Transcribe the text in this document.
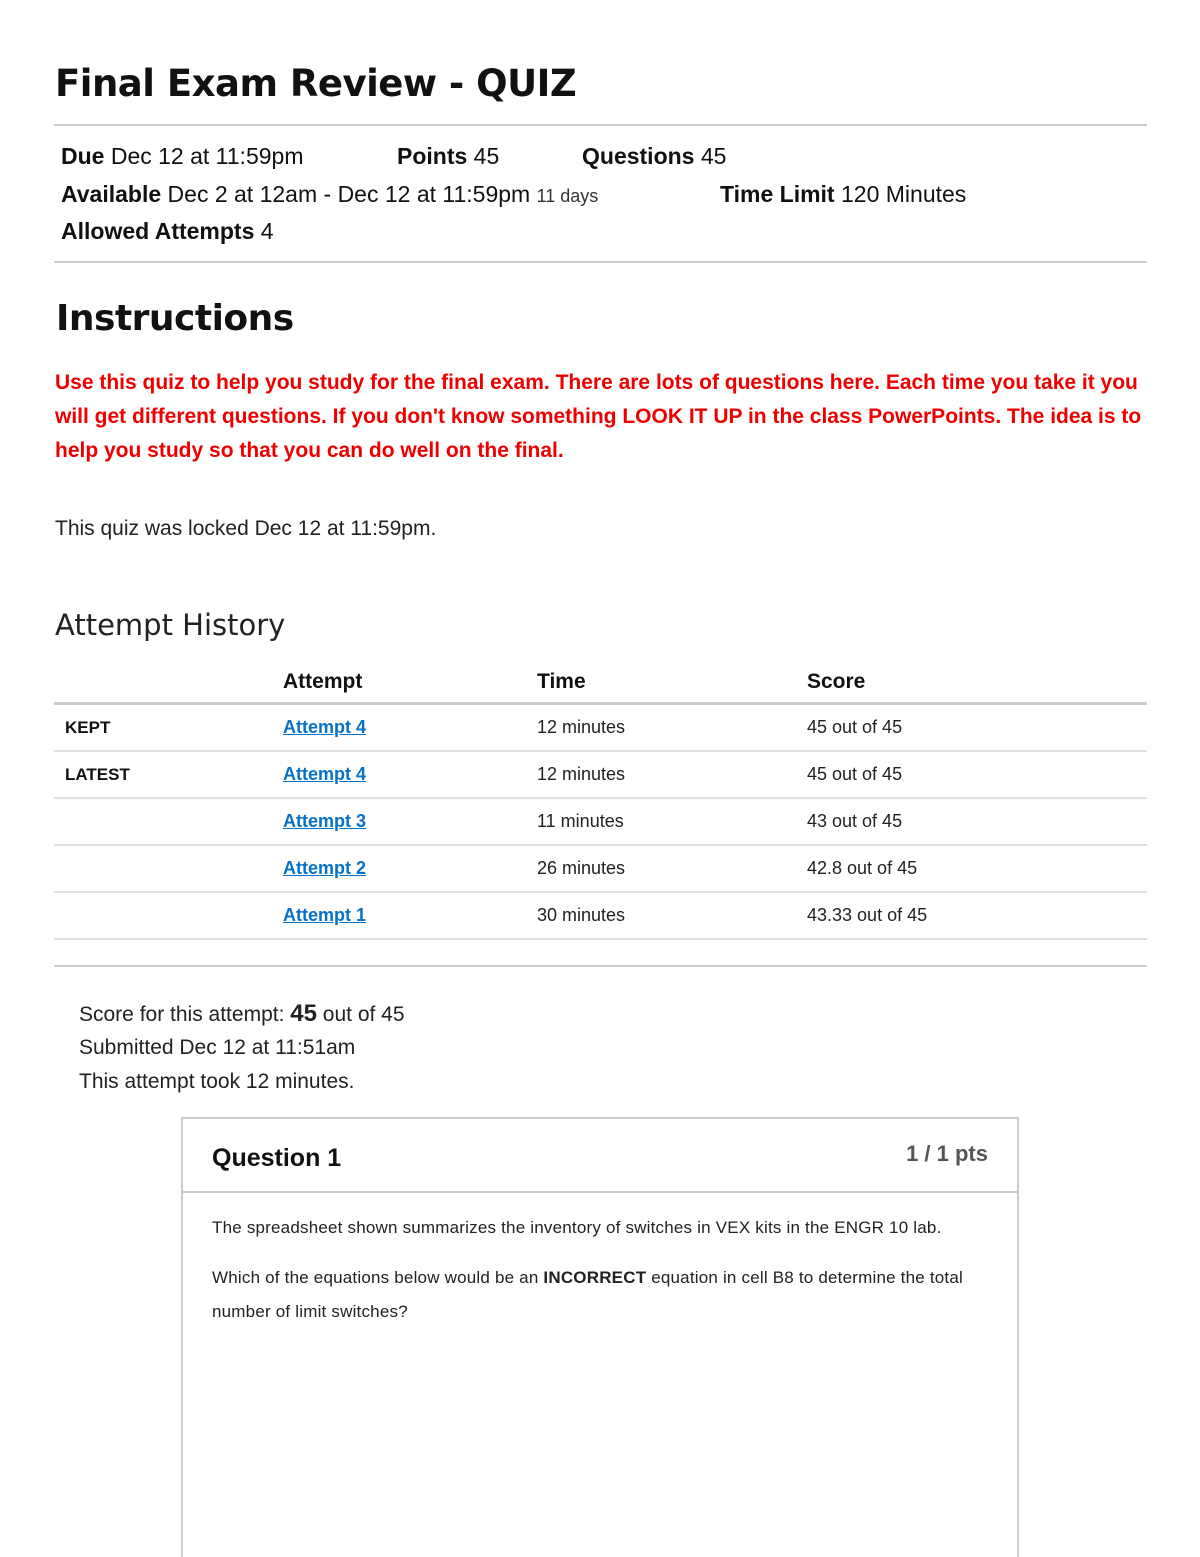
Final Exam Review - QUIZ
Due Dec 12 at 11:59pm	Points 45	Questions 45
Available Dec 2 at 12am - Dec 12 at 11:59pm 11 days	Time Limit 120 Minutes
Allowed Attempts 4
Instructions

Use this quiz to help you study for the final exam. There are lots of questions here. Each time you take it you will get different questions. If you don't know something LOOK IT UP in the class PowerPoints. The idea is to help you study so that you can do well on the final.

This quiz was locked Dec 12 at 11:59pm.
Attempt History
	Attempt	Time	Score
KEPT	Attempt 4	12 minutes	45 out of 45
LATEST	Attempt 4	12 minutes	45 out of 45
	Attempt 3	11 minutes	43 out of 45
	Attempt 2	26 minutes	42.8 out of 45
	Attempt 1	30 minutes	43.33 out of 45
Score for this attempt: 45 out of 45
Submitted Dec 12 at 11:51am
This attempt took 12 minutes.
Question 1	1 / 1 pts

The spreadsheet shown summarizes the inventory of switches in VEX kits in the ENGR 10 lab.

Which of the equations below would be an INCORRECT equation in cell B8 to determine the total number of limit switches?
